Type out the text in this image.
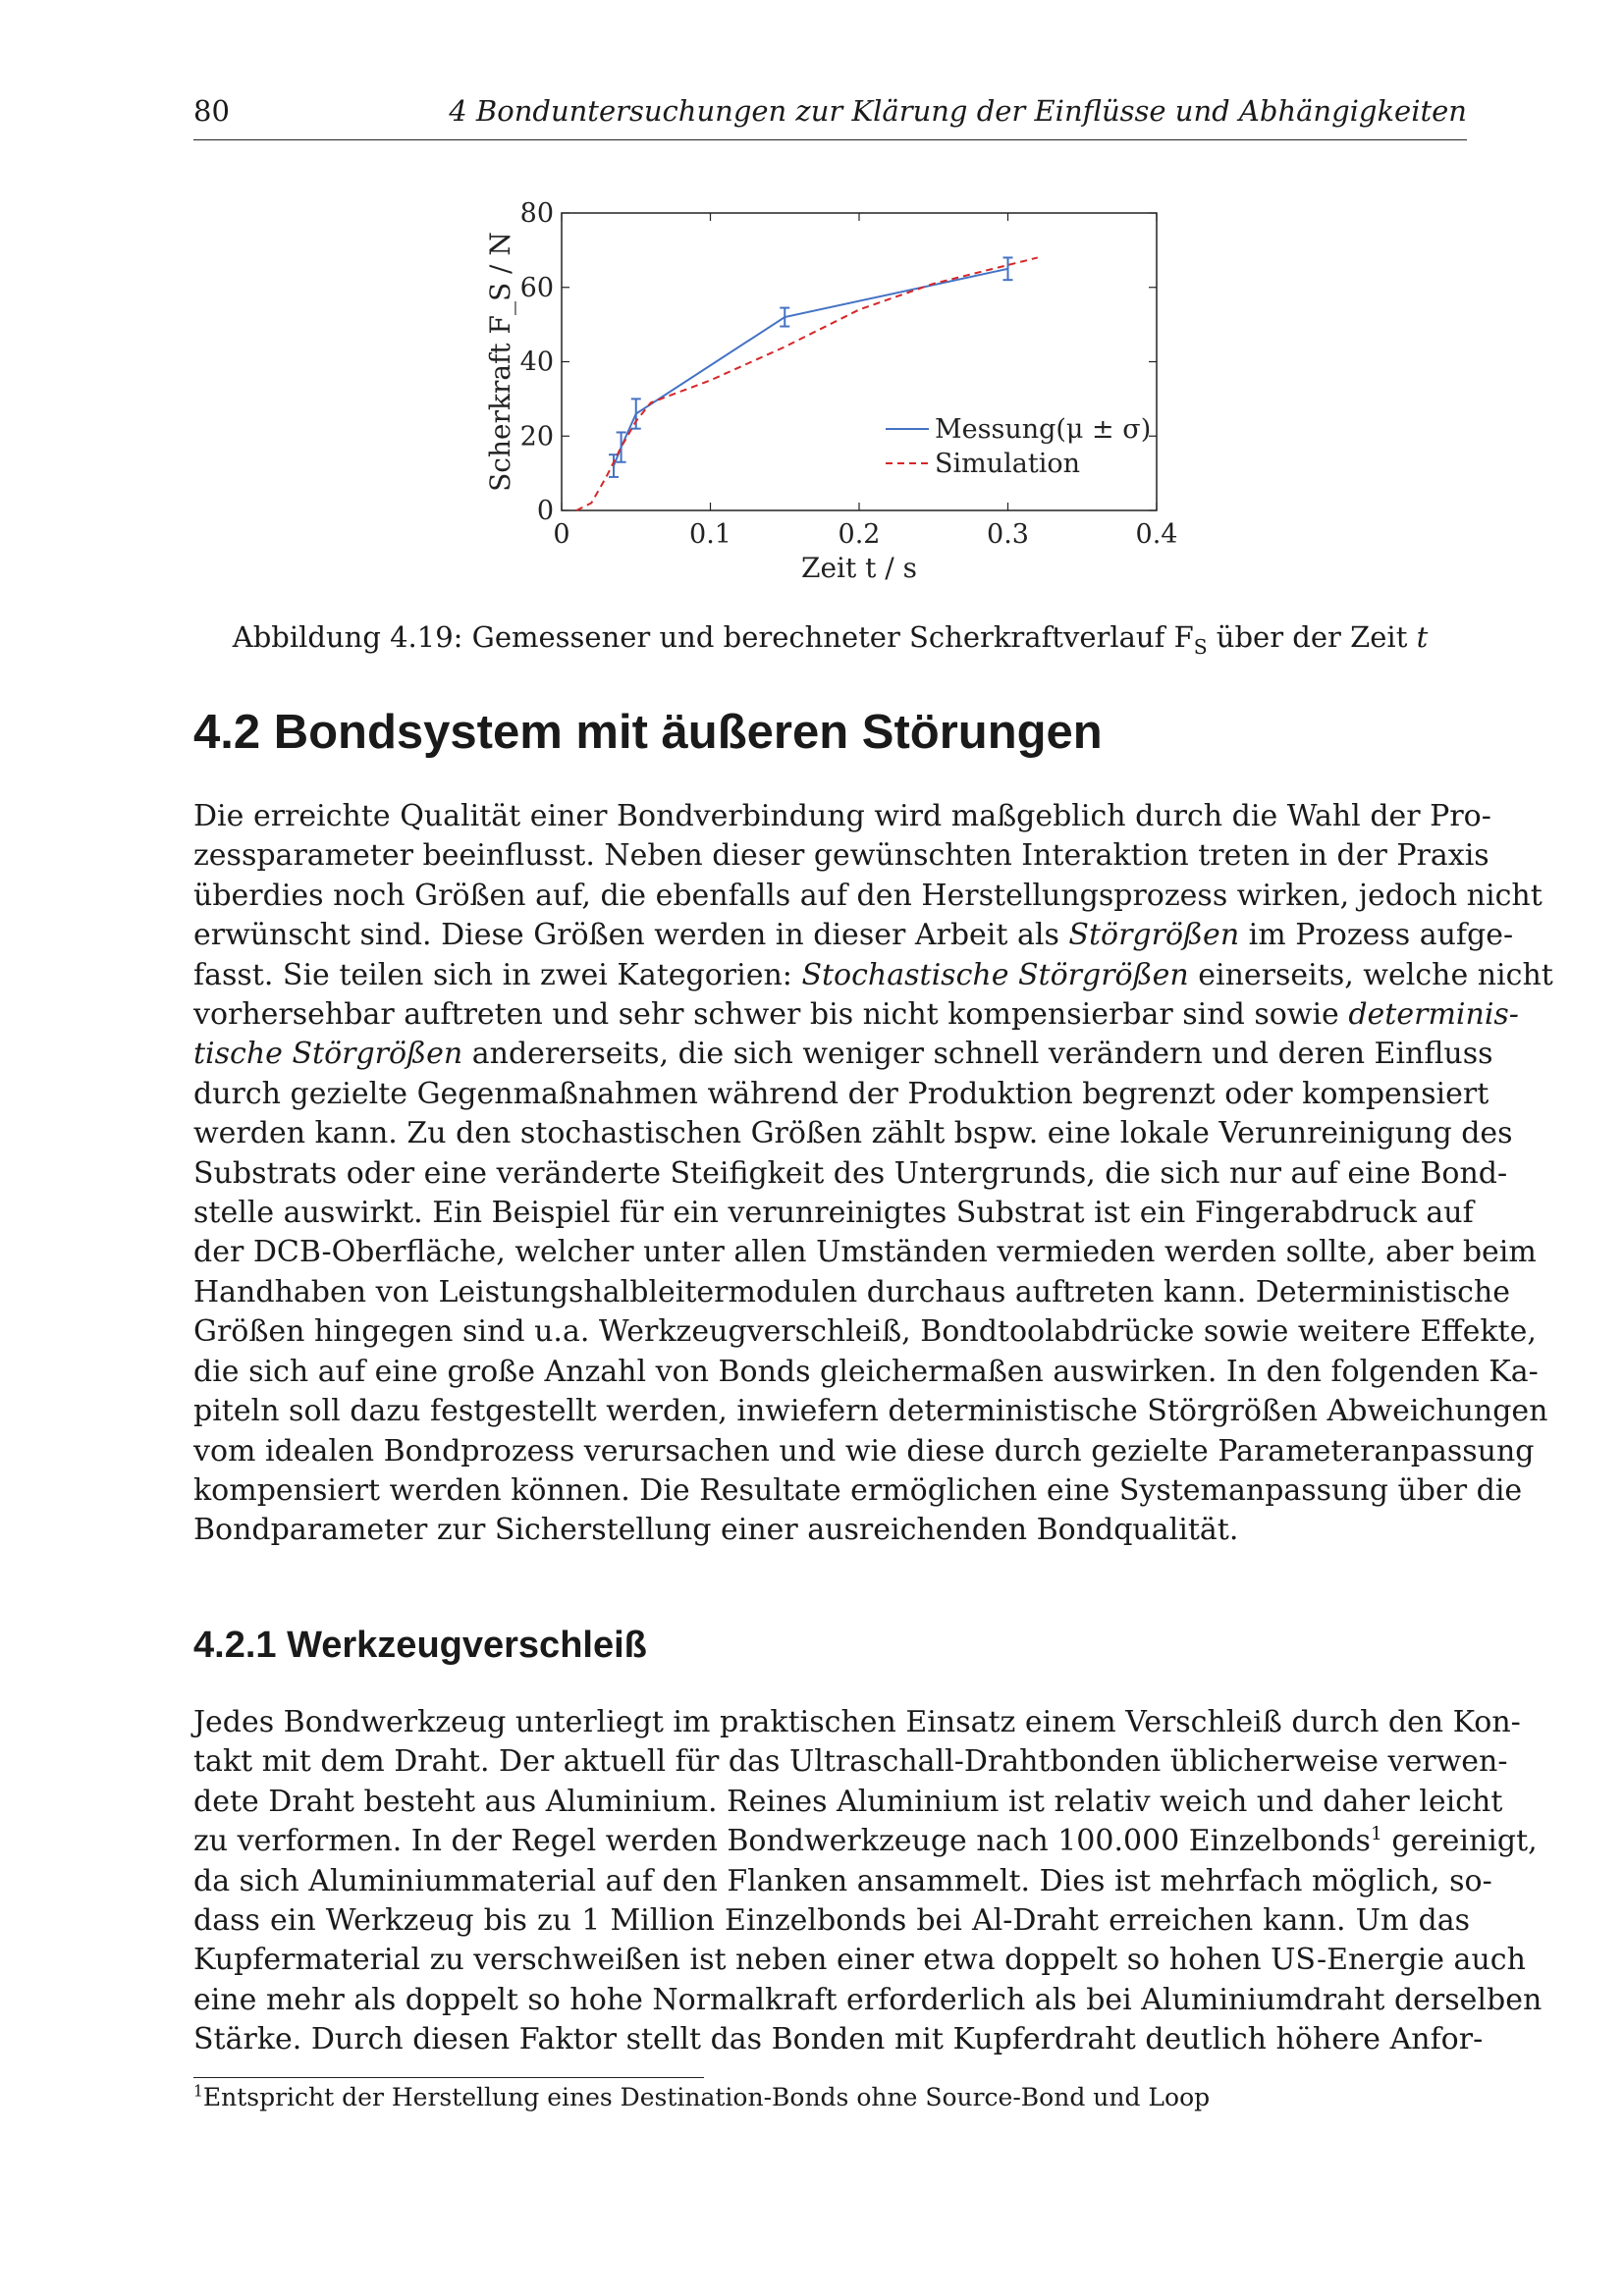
80	4 Bonduntersuchungen zur Klärung der Einflüsse und Abhängigkeiten
0	0.1	0.2	0.3	0.4
0
20
40
60
80
Zeit t / s
Scherkraft F_S / N	Messung(μ ± σ)
Simulation
Abbildung 4.19: Gemessener und berechneter Scherkraftverlauf $F_S$ über der Zeit t
4.2 Bondsystem mit äußeren Störungen
Die erreichte Qualität einer Bondverbindung wird maßgeblich durch die Wahl der Pro-
zessparameter beeinflusst. Neben dieser gewünschten Interaktion treten in der Praxis
überdies noch Größen auf, die ebenfalls auf den Herstellungsprozess wirken, jedoch nicht
erwünscht sind. Diese Größen werden in dieser Arbeit als Störgrößen im Prozess aufge-
fasst. Sie teilen sich in zwei Kategorien: Stochastische Störgrößen einerseits, welche nicht
vorhersehbar auftreten und sehr schwer bis nicht kompensierbar sind sowie determinis-
tische Störgrößen andererseits, die sich weniger schnell verändern und deren Einfluss
durch gezielte Gegenmaßnahmen während der Produktion begrenzt oder kompensiert
werden kann. Zu den stochastischen Größen zählt bspw. eine lokale Verunreinigung des
Substrats oder eine veränderte Steifigkeit des Untergrunds, die sich nur auf eine Bond-
stelle auswirkt. Ein Beispiel für ein verunreinigtes Substrat ist ein Fingerabdruck auf
der DCB-Oberfläche, welcher unter allen Umständen vermieden werden sollte, aber beim
Handhaben von Leistungshalbleitermodulen durchaus auftreten kann. Deterministische
Größen hingegen sind u.a. Werkzeugverschleiß, Bondtoolabdrücke sowie weitere Effekte,
die sich auf eine große Anzahl von Bonds gleichermaßen auswirken. In den folgenden Ka-
piteln soll dazu festgestellt werden, inwiefern deterministische Störgrößen Abweichungen
vom idealen Bondprozess verursachen und wie diese durch gezielte Parameteranpassung
kompensiert werden können. Die Resultate ermöglichen eine Systemanpassung über die
Bondparameter zur Sicherstellung einer ausreichenden Bondqualität.
4.2.1 Werkzeugverschleiß
Jedes Bondwerkzeug unterliegt im praktischen Einsatz einem Verschleiß durch den Kon-
takt mit dem Draht. Der aktuell für das Ultraschall-Drahtbonden üblicherweise verwen-
dete Draht besteht aus Aluminium. Reines Aluminium ist relativ weich und daher leicht
zu verformen. In der Regel werden Bondwerkzeuge nach 100.000 Einzelbonds$^1$ gereinigt,
da sich Aluminiummaterial auf den Flanken ansammelt. Dies ist mehrfach möglich, so-
dass ein Werkzeug bis zu 1 Million Einzelbonds bei Al-Draht erreichen kann. Um das
Kupfermaterial zu verschweißen ist neben einer etwa doppelt so hohen US-Energie auch
eine mehr als doppelt so hohe Normalkraft erforderlich als bei Aluminiumdraht derselben
Stärke. Durch diesen Faktor stellt das Bonden mit Kupferdraht deutlich höhere Anfor-
$^1$Entspricht der Herstellung eines Destination-Bonds ohne Source-Bond und Loop
